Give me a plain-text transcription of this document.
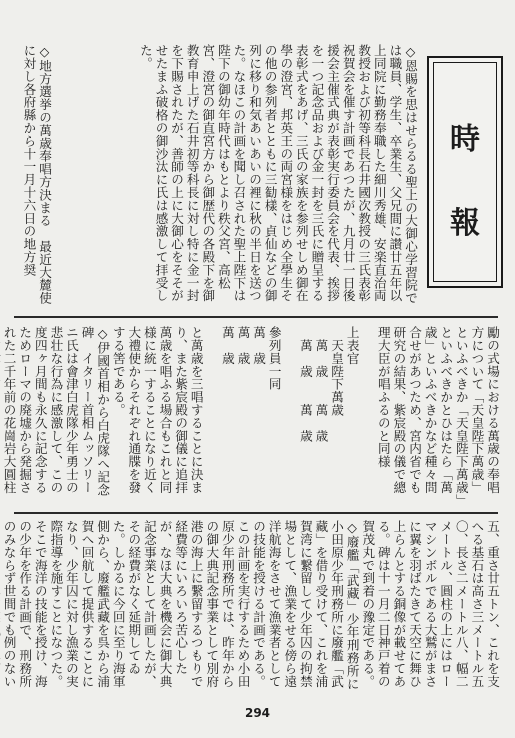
時
報
◇恩賜を思はせらるる聖上の大御心学習院では職員、学生、卒業生、父兄間に讃廿五年以上同院に勤務奉職した細川秀雄、安楽直治両教授および初等科長石井國次教授の三氏表彰祝賀会を催す計画であつたが、九月廿一日後援会主催式典が表彰実行委員会を代表、挨拶を一つ記念品および金一封を三氏に贈呈する表彰式をあげ、三氏の家族を参列せしめ御在學の澄宮、邦英王の両宮様をはじめ全學生その他の参列者とともに三勧樣、貞仙などの御列に移り和気あいあいの裡に秋の半日を送つた。なほこの計画を聞し召された聖上陛下は陛下の御幼年時代はもとより秩父宮、高松宮、澄宮の御直宮方から御歴代の各殿下を御教育申上げた石井初等科長に対し特に金一封を下賜されたが、善師の上に大御心をそそがせたまふ破格の御沙汰に氏は感激して拝受した。
◇地方選挙の萬歳奉唱方決まる　最近大麓使に対し各府縣から十一月十六日の地方奨
勵の式場における萬歳の奉唱方について「天皇陛下萬歳」といふべきか「天皇陛下萬歳」といふべきかとひはたら「萬歳」といふべきかなど種々問合せがあつため、宮内省でも研究の結果、紫宸殿の儀で總理大臣が唱ふるのと同様

上表官　　
　天皇陛下萬歳
　萬　歳　　萬　歳
　萬　歳　　萬　歳

參列員一同
萬　歳
萬　歳
萬　歳

と萬歳を三唱することに決まり、また紫宸殿の御儀に追拝萬歳を唱ふる場合もこれと同様に統一することになり近く大禮使からそれぞれ通牒を發する筈である。
◇伊國首相から白虎隊へ記念碑　イタリー首相ムッソリーニ氏は會津白虎隊少年勇士の悲壮な行為に感激して、この度四ヶ月間も永久に記念するためローマの廃墟から発掘された二千年前の花崗岩大圓柱
五、重さ廿五トン、これを支へる基石は高さ三メートル五〇、長さ二メートル八、幅二メートル、圓柱の上にはローマシンボルである大鷲がまさに翼を羽ばたきて天空に舞ひ上らんとする銅像が載せてある。碑は十一月二日神戸着の賀茂丸で到着の豫定である。
◇廢艦「武藏」少年刑務所に　小田原少年刑務所に廢艦「武藏」を借り受けて、これを浦賀湾に繋留して少年囚の拘禁場として、漁業をせる傍ら遠洋航海をさせて漁業者としての技能を授ける計画である。この計画を実行するため小田原少年刑務所では、昨年からの御大典記念事業として別府港の海上に繋留するつもりで経費等にいろいろ苦心したが、なほ大典を機会に御大典記念事業として計画したが、その経費がなく延期してゐた。しかるに今回に至り海軍側から、廢艦武藏を呉から浦賀へ回航して提供することになり、少年囚に対し漁業の実際指導を施すことになつた。そこで海洋の技能を授け、海の少年を作る計画で、刑務所のみならず世間でも例のない
294
